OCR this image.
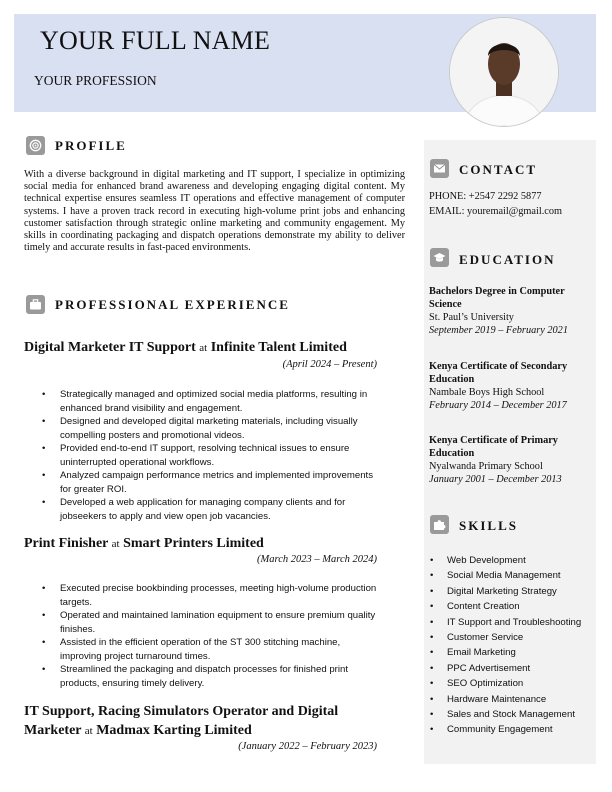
YOUR FULL NAME
YOUR PROFESSION
PROFILE
With a diverse background in digital marketing and IT support, I specialize in optimizing social media for enhanced brand awareness and developing engaging digital content. My technical expertise ensures seamless IT operations and effective management of computer systems. I have a proven track record in executing high-volume print jobs and enhancing customer satisfaction through strategic online marketing and community engagement. My skills in coordinating packaging and dispatch operations demonstrate my ability to deliver timely and accurate results in fast-paced environments.
PROFESSIONAL EXPERIENCE
Digital Marketer IT Support at Infinite Talent Limited
(April 2024 – Present)
• Strategically managed and optimized social media platforms, resulting in enhanced brand visibility and engagement.
• Designed and developed digital marketing materials, including visually compelling posters and promotional videos.
• Provided end-to-end IT support, resolving technical issues to ensure uninterrupted operational workflows.
• Analyzed campaign performance metrics and implemented improvements for greater ROI.
• Developed a web application for managing company clients and for jobseekers to apply and view open job vacancies.
Print Finisher at Smart Printers Limited
(March 2023 – March 2024)
• Executed precise bookbinding processes, meeting high-volume production targets.
• Operated and maintained lamination equipment to ensure premium quality finishes.
• Assisted in the efficient operation of the ST 300 stitching machine, improving project turnaround times.
• Streamlined the packaging and dispatch processes for finished print products, ensuring timely delivery.
IT Support, Racing Simulators Operator and Digital
Marketer at Madmax Karting Limited
(January 2022 – February 2023)
CONTACT
PHONE: +2547 2292 5877
EMAIL: youremail@gmail.com
EDUCATION
Bachelors Degree in Computer Science
St. Paul’s University
September 2019 – February 2021
Kenya Certificate of Secondary Education
Nambale Boys High School
February 2014 – December 2017
Kenya Certificate of Primary Education
Nyalwanda Primary School
January 2001 – December 2013
SKILLS
• Web Development
• Social Media Management
• Digital Marketing Strategy
• Content Creation
• IT Support and Troubleshooting
• Customer Service
• Email Marketing
• PPC Advertisement
• SEO Optimization
• Hardware Maintenance
• Sales and Stock Management
• Community Engagement
